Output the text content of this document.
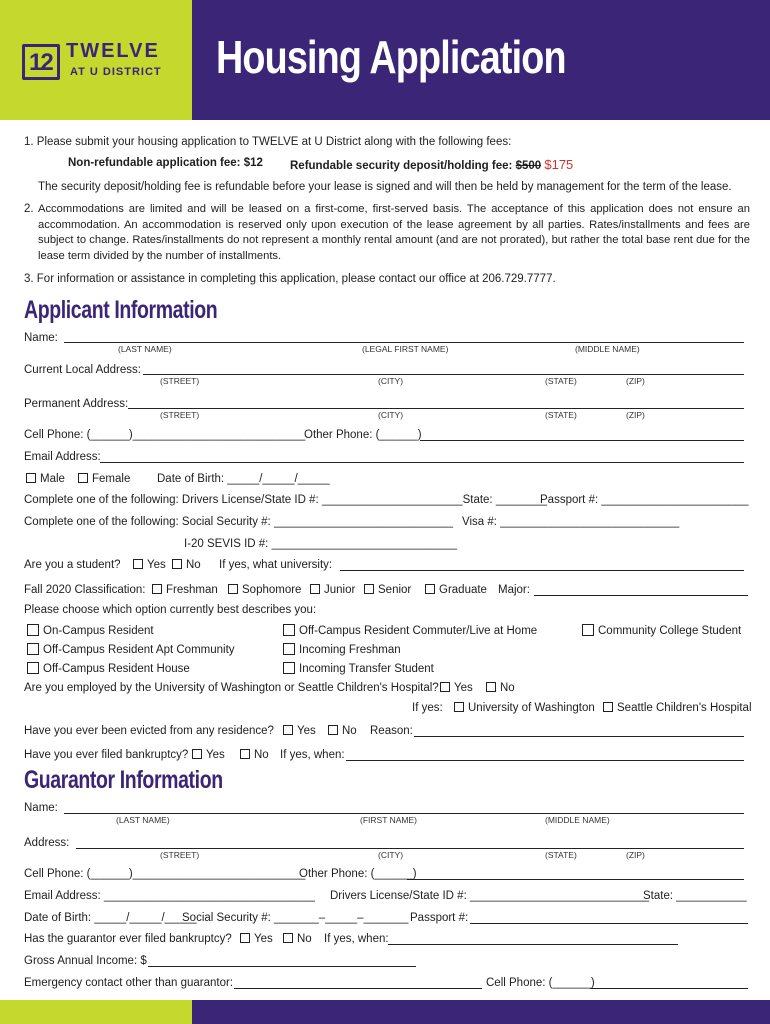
12 TWELVE
AT U DISTRICT Housing Application
1. Please submit your housing application to TWELVE at U District along with the following fees:
Non-refundable application fee: $12 Refundable security deposit/holding fee: $500 $175
The security deposit/holding fee is refundable before your lease is signed and will then be held by management for the term of the lease.
2. Accommodations are limited and will be leased on a first-come, first-served basis. The acceptance of this application does not ensure an accommodation. An accommodation is reserved only upon execution of the lease agreement by all parties. Rates/installments and fees are subject to change. Rates/installments do not represent a monthly rental amount (and are not prorated), but rather the total base rent due for the lease term divided by the number of installments.
3. For information or assistance in completing this application, please contact our office at 206.729.7777.
Applicant Information
Name:
(LAST NAME)	(LEGAL FIRST NAME)	(MIDDLE NAME)
Current Local Address:
(STREET)	(CITY)	(STATE)	(ZIP)
Permanent Address:
(STREET)	(CITY)	(STATE)	(ZIP)
Cell Phone: (______)___________________________
Other Phone: (______)
Email Address:
Male	Female Date of Birth: _____/_____/_____
Complete one of the following: Drivers License/State ID #: ______________________State: ________
Passport #: _______________________
Complete one of the following: Social Security #: ____________________________ Visa #: ____________________________
I-20 SEVIS ID #: _____________________________
Are you a student?	Yes	No If yes, what university:
Fall 2020 Classification:	Freshman	Sophomore	Junior	Senior	Graduate Major:
Please choose which option currently best describes you:
On-Campus Resident	Off-Campus Resident Commuter/Live at Home	Community College Student
Off-Campus Resident Apt Community	Incoming Freshman
Off-Campus Resident House	Incoming Transfer Student
Are you employed by the University of Washington or Seattle Children's Hospital?	Yes	No
If yes:	University of Washington	Seattle Children's Hospital
Have you ever been evicted from any residence?	Yes	No Reason:
Have you ever filed bankruptcy?	Yes	No If yes, when:
Guarantor Information
Name:
(LAST NAME)	(FIRST NAME)	(MIDDLE NAME)
Address:
(STREET)	(CITY)	(STATE)	(ZIP)
Cell Phone: (______)___________________________
Other Phone: (______)
Email Address: _________________________________ Drivers License/State ID #: ____________________________
State: ___________
Date of Birth: _____/_____/_____
Social Security #: _______–_____–_______ Passport #:
Has the guarantor ever filed bankruptcy?	Yes	No If yes, when:
Gross Annual Income: $
Emergency contact other than guarantor:	Cell Phone: (______)
